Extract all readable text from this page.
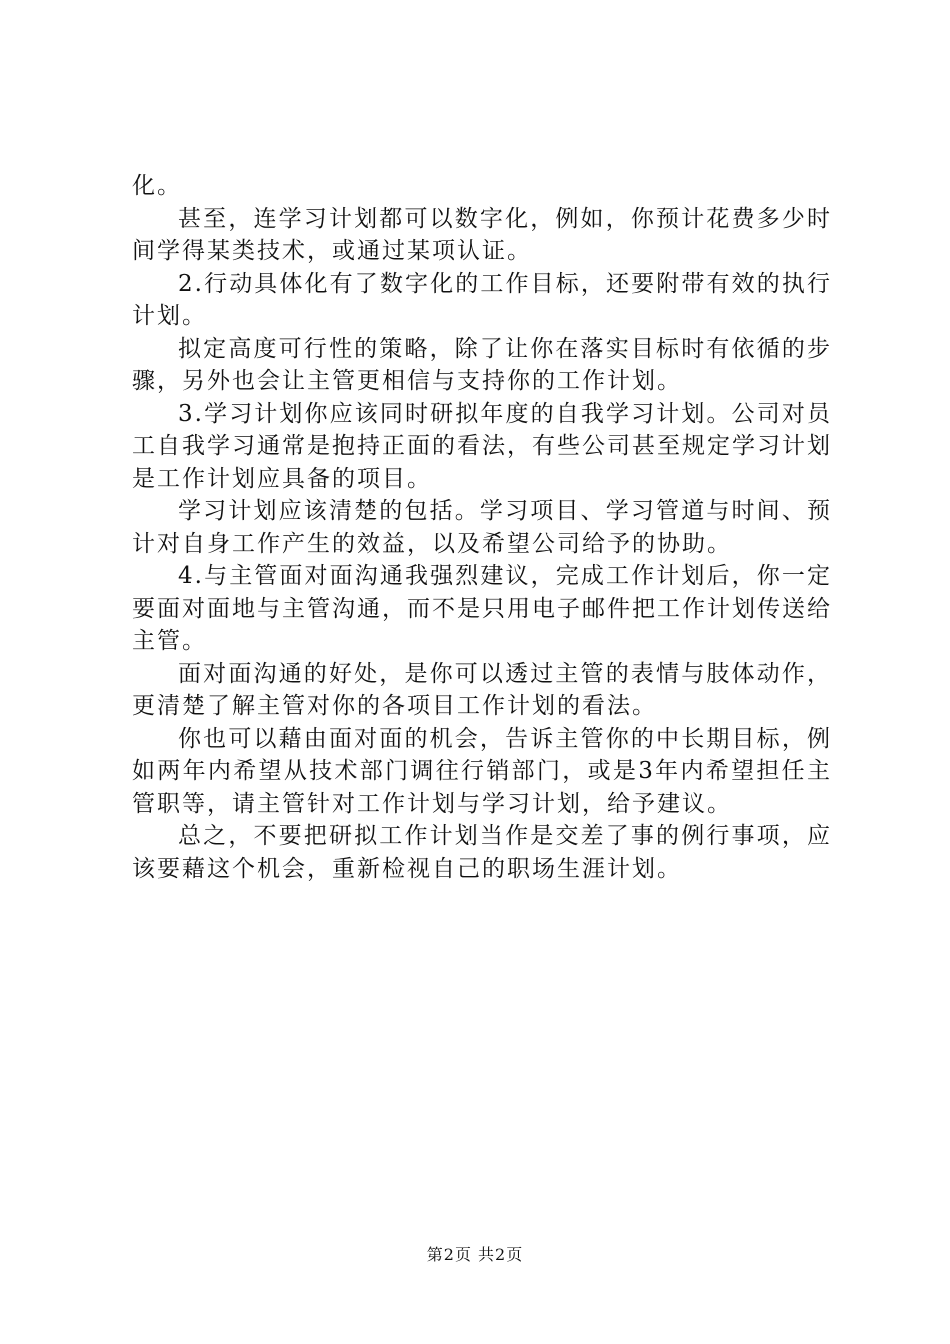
化。

甚至，连学习计划都可以数字化，例如，你预计花费多少时间学得某类技术，或通过某项认证。

2.行动具体化有了数字化的工作目标，还要附带有效的执行计划。

拟定高度可行性的策略，除了让你在落实目标时有依循的步骤，另外也会让主管更相信与支持你的工作计划。

3.学习计划你应该同时研拟年度的自我学习计划。公司对员工自我学习通常是抱持正面的看法，有些公司甚至规定学习计划是工作计划应具备的项目。

学习计划应该清楚的包括。学习项目、学习管道与时间、预计对自身工作产生的效益，以及希望公司给予的协助。

4.与主管面对面沟通我强烈建议，完成工作计划后，你一定要面对面地与主管沟通，而不是只用电子邮件把工作计划传送给主管。

面对面沟通的好处，是你可以透过主管的表情与肢体动作，更清楚了解主管对你的各项目工作计划的看法。

你也可以藉由面对面的机会，告诉主管你的中长期目标，例如两年内希望从技术部门调往行销部门，或是3年内希望担任主管职等，请主管针对工作计划与学习计划，给予建议。

总之，不要把研拟工作计划当作是交差了事的例行事项，应该要藉这个机会，重新检视自己的职场生涯计划。

第2页 共2页
